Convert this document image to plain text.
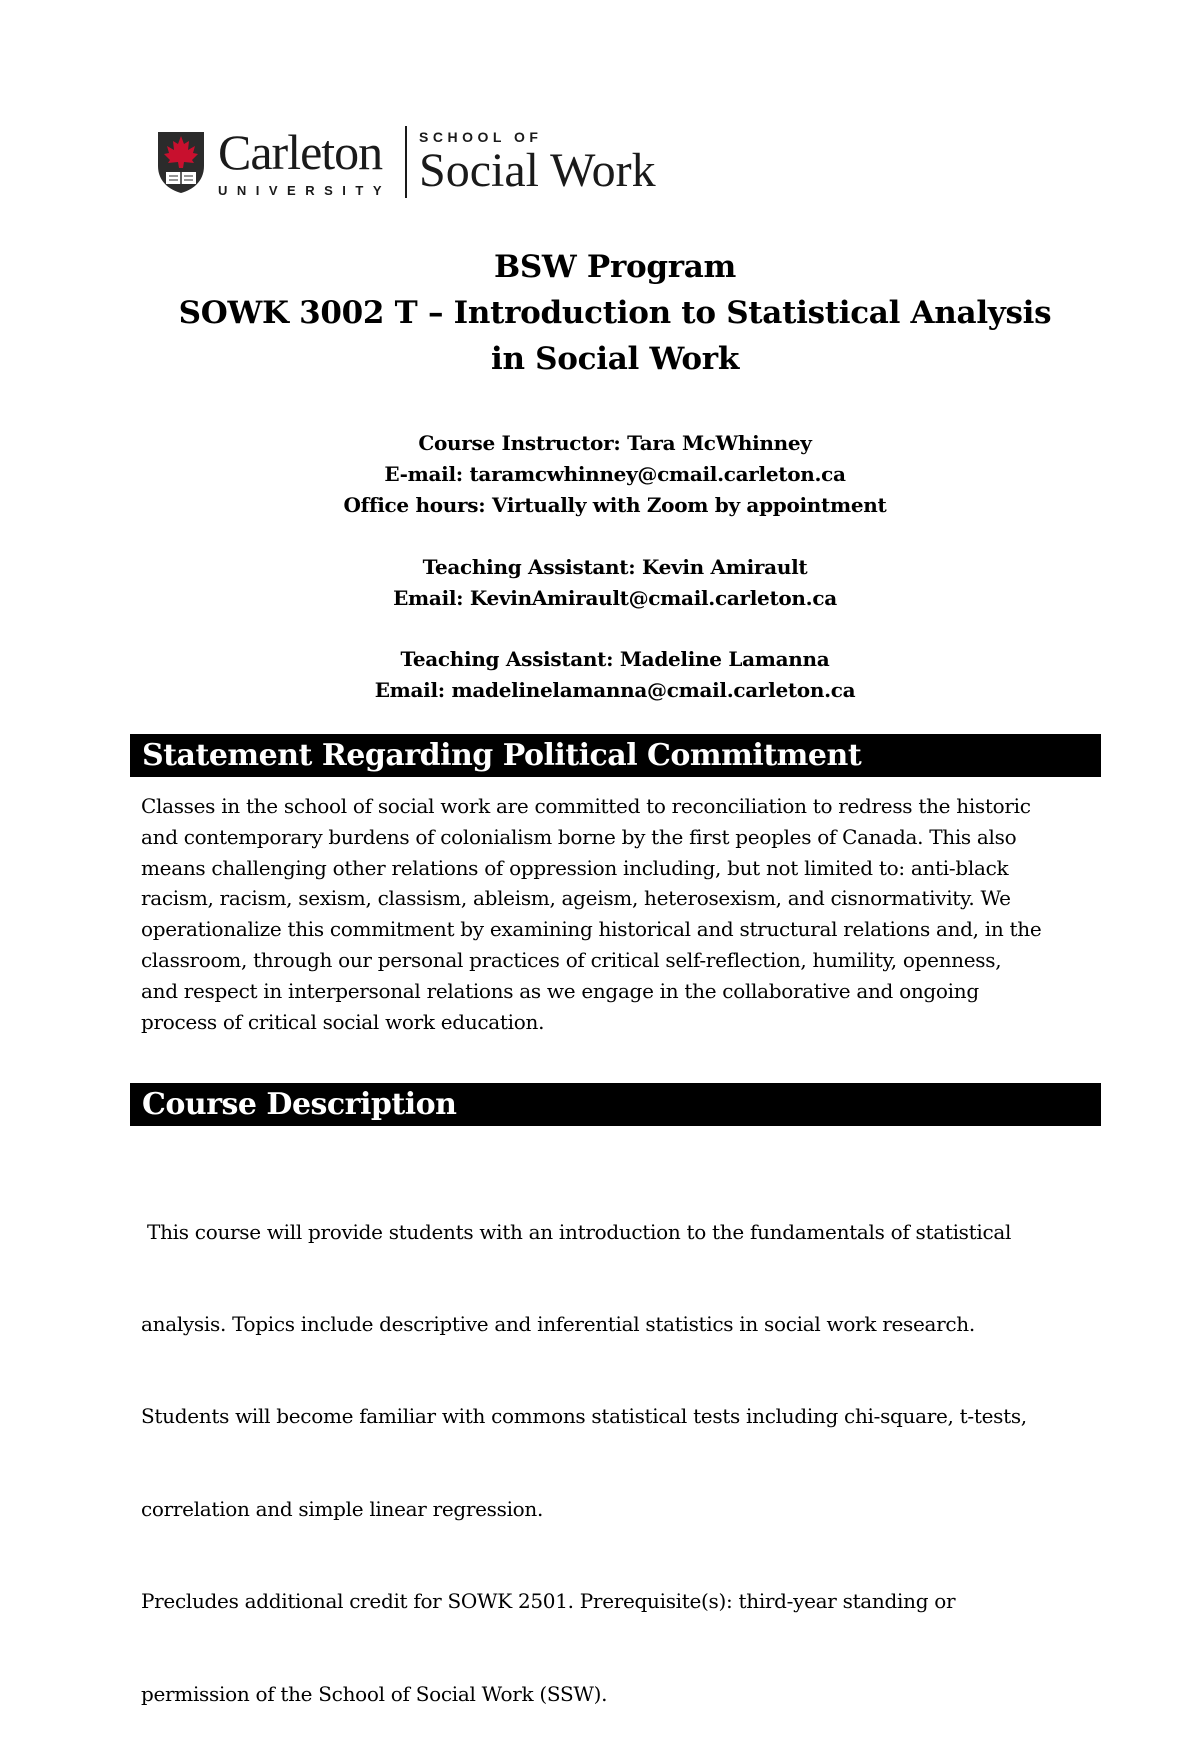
Carleton
UNIVERSITY
SCHOOL OF
Social Work
BSW Program
SOWK 3002 T – Introduction to Statistical Analysis
in Social Work
Course Instructor: Tara McWhinney
E-mail: taramcwhinney@cmail.carleton.ca
Office hours: Virtually with Zoom by appointment
Teaching Assistant: Kevin Amirault
Email: KevinAmirault@cmail.carleton.ca
Teaching Assistant: Madeline Lamanna
Email: madelinelamanna@cmail.carleton.ca
Statement Regarding Political Commitment
Classes in the school of social work are committed to reconciliation to redress the historic
and contemporary burdens of colonialism borne by the first peoples of Canada. This also
means challenging other relations of oppression including, but not limited to: anti-black
racism, racism, sexism, classism, ableism, ageism, heterosexism, and cisnormativity. We
operationalize this commitment by examining historical and structural relations and, in the
classroom, through our personal practices of critical self-reflection, humility, openness,
and respect in interpersonal relations as we engage in the collaborative and ongoing
process of critical social work education.
Course Description

This course will provide students with an introduction to the fundamentals of statistical

analysis. Topics include descriptive and inferential statistics in social work research.

Students will become familiar with commons statistical tests including chi-square, t-tests,

correlation and simple linear regression.

Precludes additional credit for SOWK 2501. Prerequisite(s): third-year standing or

permission of the School of Social Work (SSW).
